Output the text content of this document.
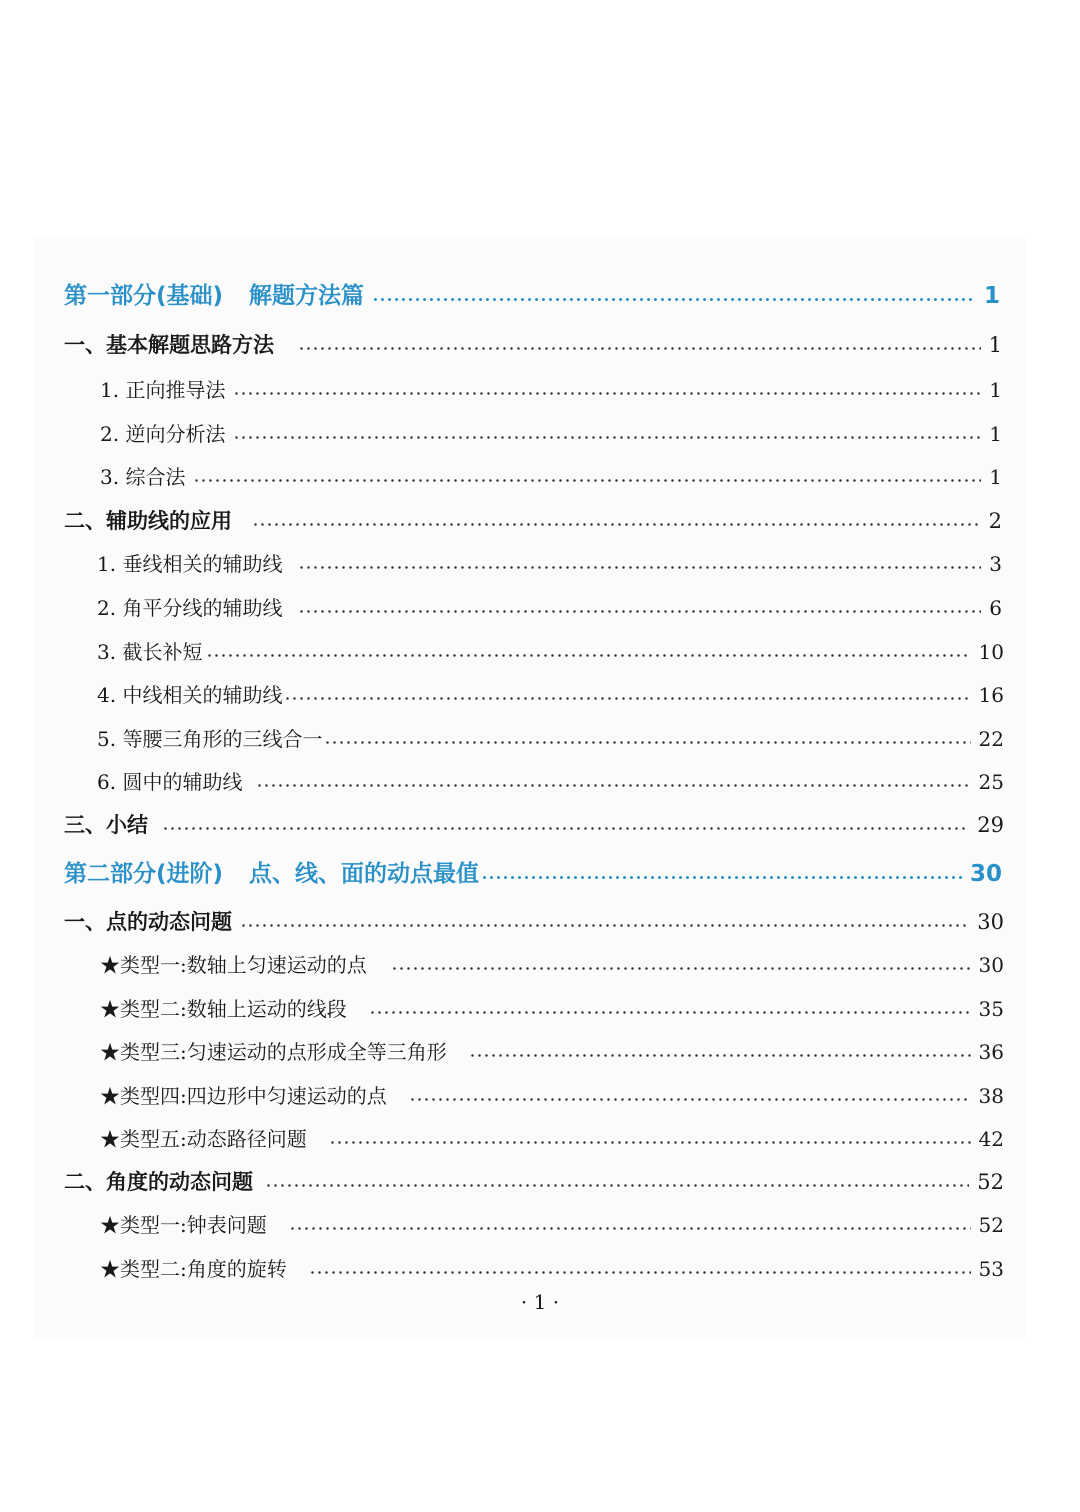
第一部分(基础) 解题方法篇	1
一、基本解题思路方法	1
1. 正向推导法	1
2. 逆向分析法	1
3. 综合法	1
二、辅助线的应用	2
1. 垂线相关的辅助线	3
2. 角平分线的辅助线	6
3. 截长补短	10
4. 中线相关的辅助线	16
5. 等腰三角形的三线合一	22
6. 圆中的辅助线	25
三、小结	29
第二部分(进阶) 点、线、面的动点最值	30
一、点的动态问题	30
★类型一:数轴上匀速运动的点	30
★类型二:数轴上运动的线段	35
★类型三:匀速运动的点形成全等三角形	36
★类型四:四边形中匀速运动的点	38
★类型五:动态路径问题	42
二、角度的动态问题	52
★类型一:钟表问题	52
★类型二:角度的旋转	53
· 1 ·
